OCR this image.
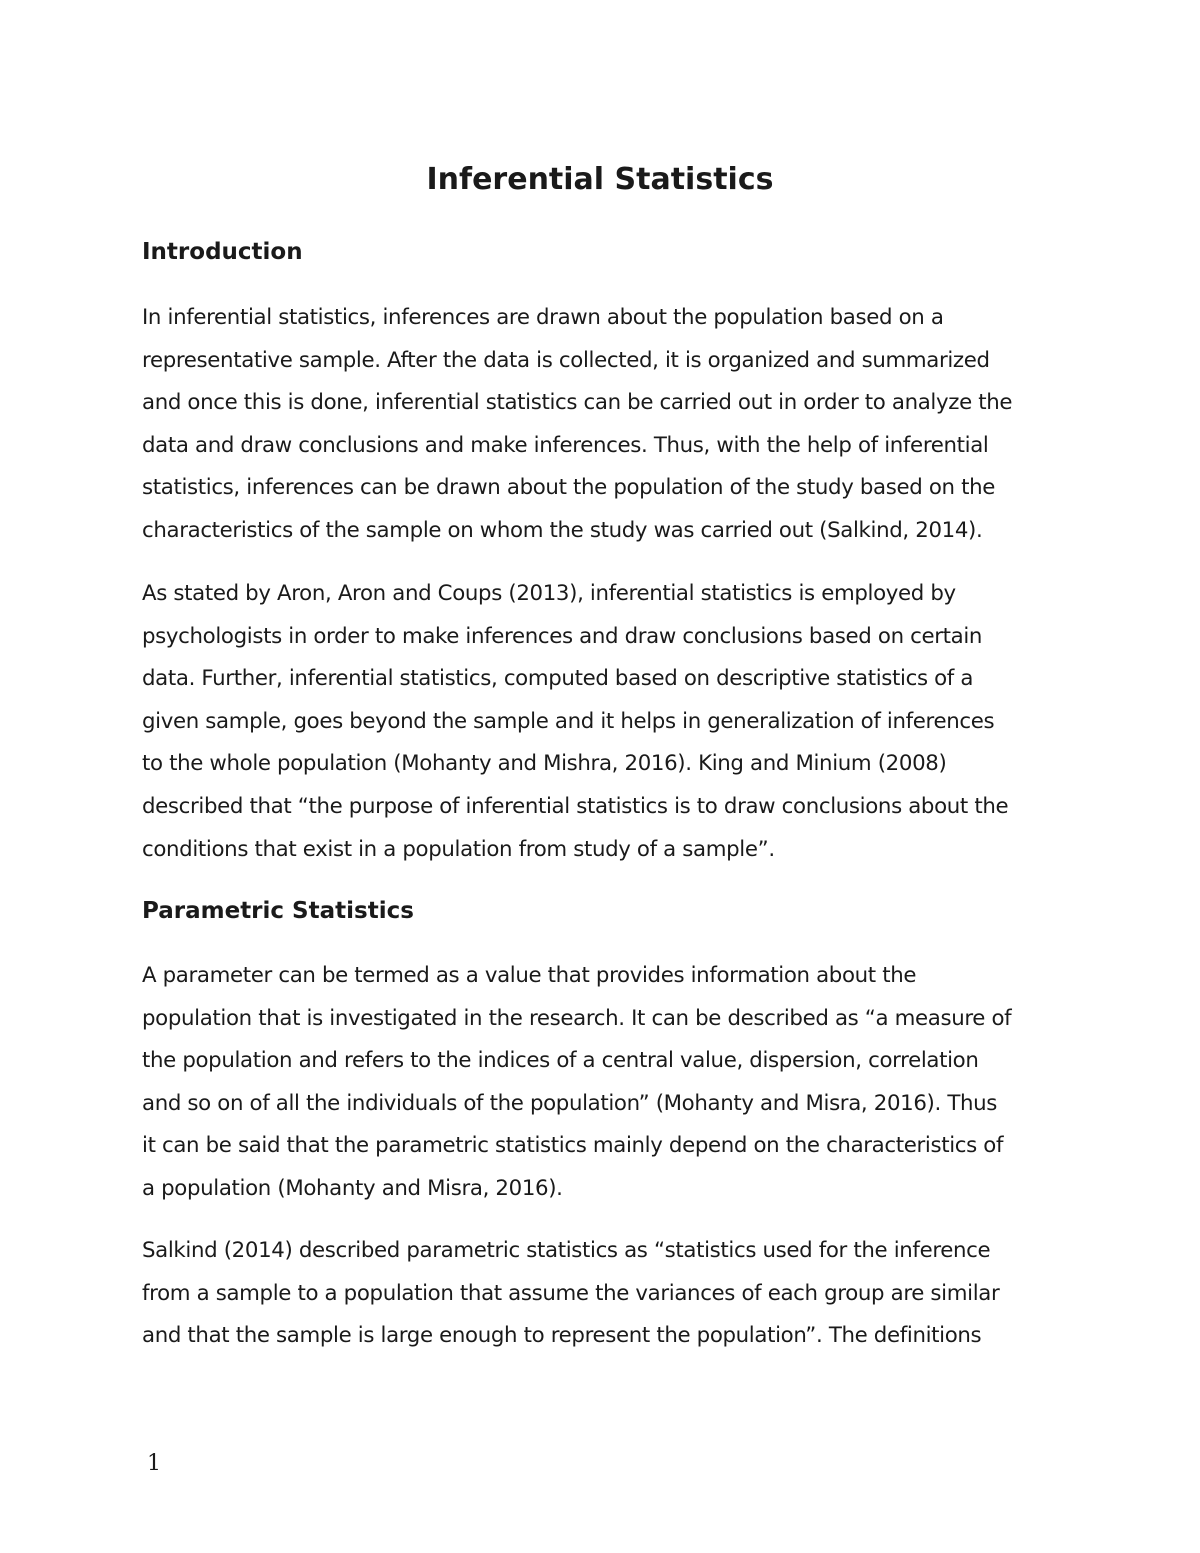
Inferential Statistics
Introduction

In inferential statistics, inferences are drawn about the population based on a
representative sample. After the data is collected, it is organized and summarized
and once this is done, inferential statistics can be carried out in order to analyze the
data and draw conclusions and make inferences. Thus, with the help of inferential
statistics, inferences can be drawn about the population of the study based on the
characteristics of the sample on whom the study was carried out (Salkind, 2014).

As stated by Aron, Aron and Coups (2013), inferential statistics is employed by
psychologists in order to make inferences and draw conclusions based on certain
data. Further, inferential statistics, computed based on descriptive statistics of a
given sample, goes beyond the sample and it helps in generalization of inferences
to the whole population (Mohanty and Mishra, 2016). King and Minium (2008)
described that “the purpose of inferential statistics is to draw conclusions about the
conditions that exist in a population from study of a sample”.

Parametric Statistics

A parameter can be termed as a value that provides information about the
population that is investigated in the research. It can be described as “a measure of
the population and refers to the indices of a central value, dispersion, correlation
and so on of all the individuals of the population” (Mohanty and Misra, 2016). Thus
it can be said that the parametric statistics mainly depend on the characteristics of
a population (Mohanty and Misra, 2016).

Salkind (2014) described parametric statistics as “statistics used for the inference
from a sample to a population that assume the variances of each group are similar
and that the sample is large enough to represent the population”. The definitions

1
